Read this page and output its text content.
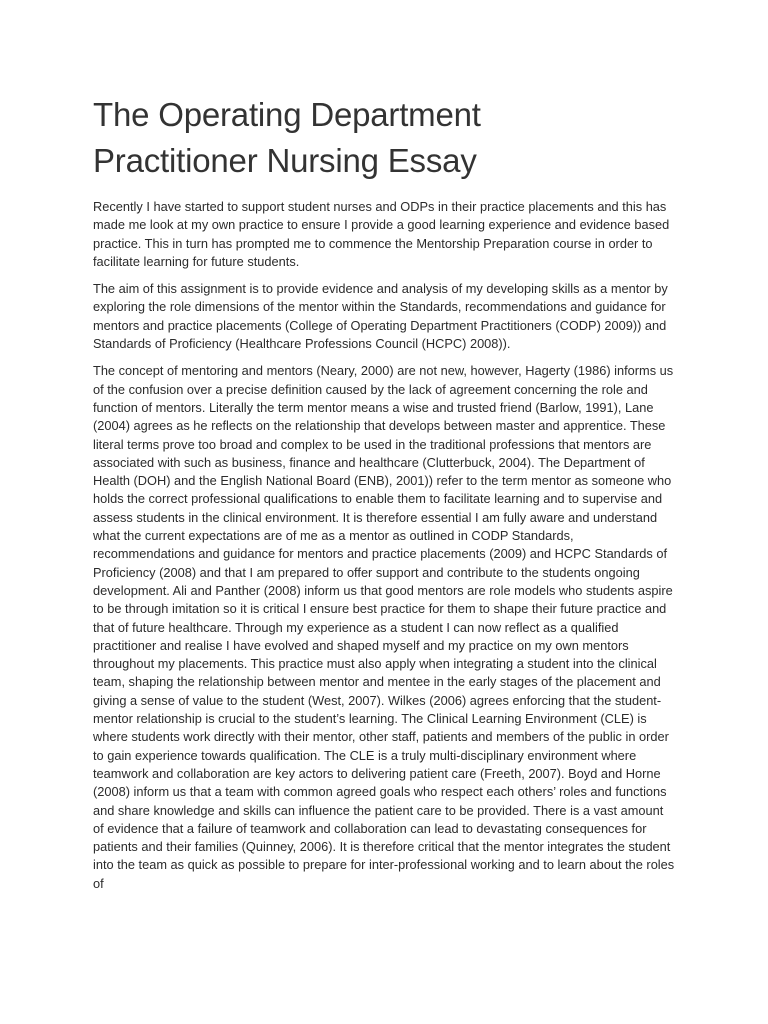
The Operating Department
Practitioner Nursing Essay

Recently I have started to support student nurses and ODPs in their practice placements and this has made me look at my own practice to ensure I provide a good learning experience and evidence based practice. This in turn has prompted me to commence the Mentorship Preparation course in order to facilitate learning for future students.

The aim of this assignment is to provide evidence and analysis of my developing skills as a mentor by exploring the role dimensions of the mentor within the Standards, recommendations and guidance for mentors and practice placements (College of Operating Department Practitioners (CODP) 2009)) and Standards of Proficiency (Healthcare Professions Council (HCPC) 2008)).

The concept of mentoring and mentors (Neary, 2000) are not new, however, Hagerty (1986) informs us of the confusion over a precise definition caused by the lack of agreement concerning the role and function of mentors. Literally the term mentor means a wise and trusted friend (Barlow, 1991), Lane (2004) agrees as he reflects on the relationship that develops between master and apprentice. These literal terms prove too broad and complex to be used in the traditional professions that mentors are associated with such as business, finance and healthcare (Clutterbuck, 2004). The Department of Health (DOH) and the English National Board (ENB), 2001)) refer to the term mentor as someone who holds the correct professional qualifications to enable them to facilitate learning and to supervise and assess students in the clinical environment. It is therefore essential I am fully aware and understand what the current expectations are of me as a mentor as outlined in CODP Standards, recommendations and guidance for mentors and practice placements (2009) and HCPC Standards of Proficiency (2008) and that I am prepared to offer support and contribute to the students ongoing development. Ali and Panther (2008) inform us that good mentors are role models who students aspire to be through imitation so it is critical I ensure best practice for them to shape their future practice and that of future healthcare. Through my experience as a student I can now reflect as a qualified practitioner and realise I have evolved and shaped myself and my practice on my own mentors throughout my placements. This practice must also apply when integrating a student into the clinical team, shaping the relationship between mentor and mentee in the early stages of the placement and giving a sense of value to the student (West, 2007). Wilkes (2006) agrees enforcing that the student-mentor relationship is crucial to the student’s learning. The Clinical Learning Environment (CLE) is where students work directly with their mentor, other staff, patients and members of the public in order to gain experience towards qualification. The CLE is a truly multi-disciplinary environment where teamwork and collaboration are key actors to delivering patient care (Freeth, 2007). Boyd and Horne (2008) inform us that a team with common agreed goals who respect each others’ roles and functions and share knowledge and skills can influence the patient care to be provided. There is a vast amount of evidence that a failure of teamwork and collaboration can lead to devastating consequences for patients and their families (Quinney, 2006). It is therefore critical that the mentor integrates the student into the team as quick as possible to prepare for inter-professional working and to learn about the roles of
